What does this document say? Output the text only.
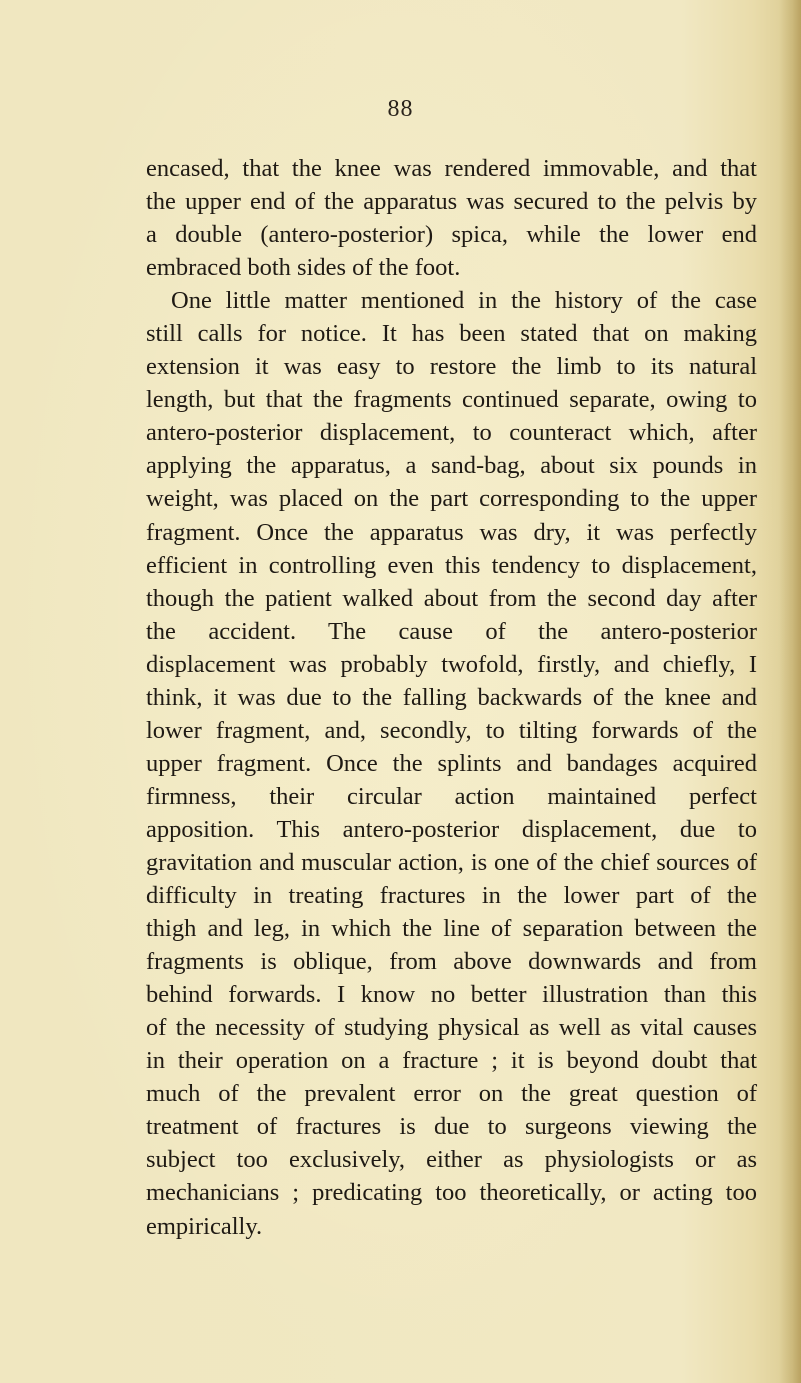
88
encased, that the knee was rendered immovable, and that
the upper end of the apparatus was secured to the pelvis by
a double (antero-posterior) spica, while the lower end
embraced both sides of the foot.
One little matter mentioned in the history of the case
still calls for notice. It has been stated that on making
extension it was easy to restore the limb to its natural
length, but that the fragments continued separate, owing to
antero-posterior displacement, to counteract which, after
applying the apparatus, a sand-bag, about six pounds in
weight, was placed on the part corresponding to the upper
fragment. Once the apparatus was dry, it was perfectly
efficient in controlling even this tendency to displacement,
though the patient walked about from the second day after
the accident. The cause of the antero-posterior
displacement was probably twofold, firstly, and chiefly, I
think, it was due to the falling backwards of the knee and
lower fragment, and, secondly, to tilting forwards of the
upper fragment. Once the splints and bandages acquired
firmness, their circular action maintained perfect
apposition. This antero-posterior displacement, due to
gravitation and muscular action, is one of the chief sources of
difficulty in treating fractures in the lower part of the
thigh and leg, in which the line of separation between the
fragments is oblique, from above downwards and from
behind forwards. I know no better illustration than this
of the necessity of studying physical as well as vital causes
in their operation on a fracture ; it is beyond doubt that
much of the prevalent error on the great question of
treatment of fractures is due to surgeons viewing the
subject too exclusively, either as physiologists or as
mechanicians ; predicating too theoretically, or acting too
empirically.
